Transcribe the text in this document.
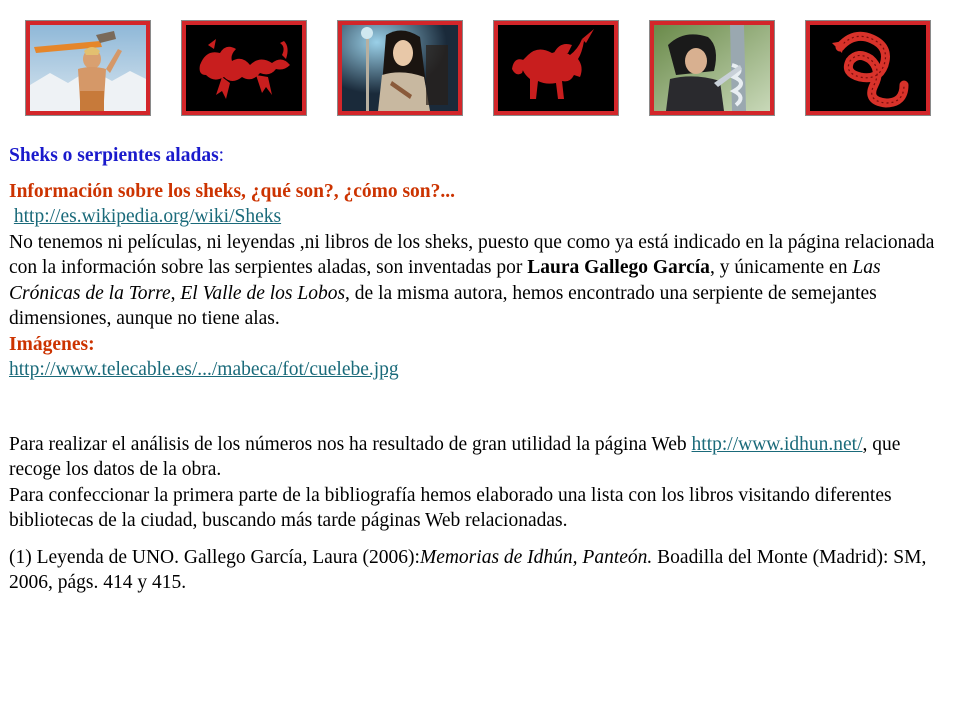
Sheks o serpientes aladas:

Información sobre los sheks, ¿qué son?, ¿cómo son?...

http://es.wikipedia.org/wiki/Sheks

No tenemos ni películas, ni leyendas ,ni libros de los sheks, puesto que como ya está indicado en la página relacionada con la información sobre las serpientes aladas, son inventadas por Laura Gallego García, y únicamente en Las Crónicas de la Torre, El Valle de los Lobos, de la misma autora, hemos encontrado una serpiente de semejantes dimensiones, aunque no tiene alas.

Imágenes:

http://www.telecable.es/.../mabeca/fot/cuelebe.jpg

Para realizar el análisis de los números nos ha resultado de gran utilidad la página Web http://www.idhun.net/, que recoge los datos de la obra.

Para confeccionar la primera parte de la bibliografía hemos elaborado una lista con los libros visitando diferentes bibliotecas de la ciudad, buscando más tarde páginas Web relacionadas.

(1) Leyenda de UNO. Gallego García, Laura (2006):Memorias de Idhún, Panteón. Boadilla del Monte (Madrid): SM, 2006, págs. 414 y 415.
